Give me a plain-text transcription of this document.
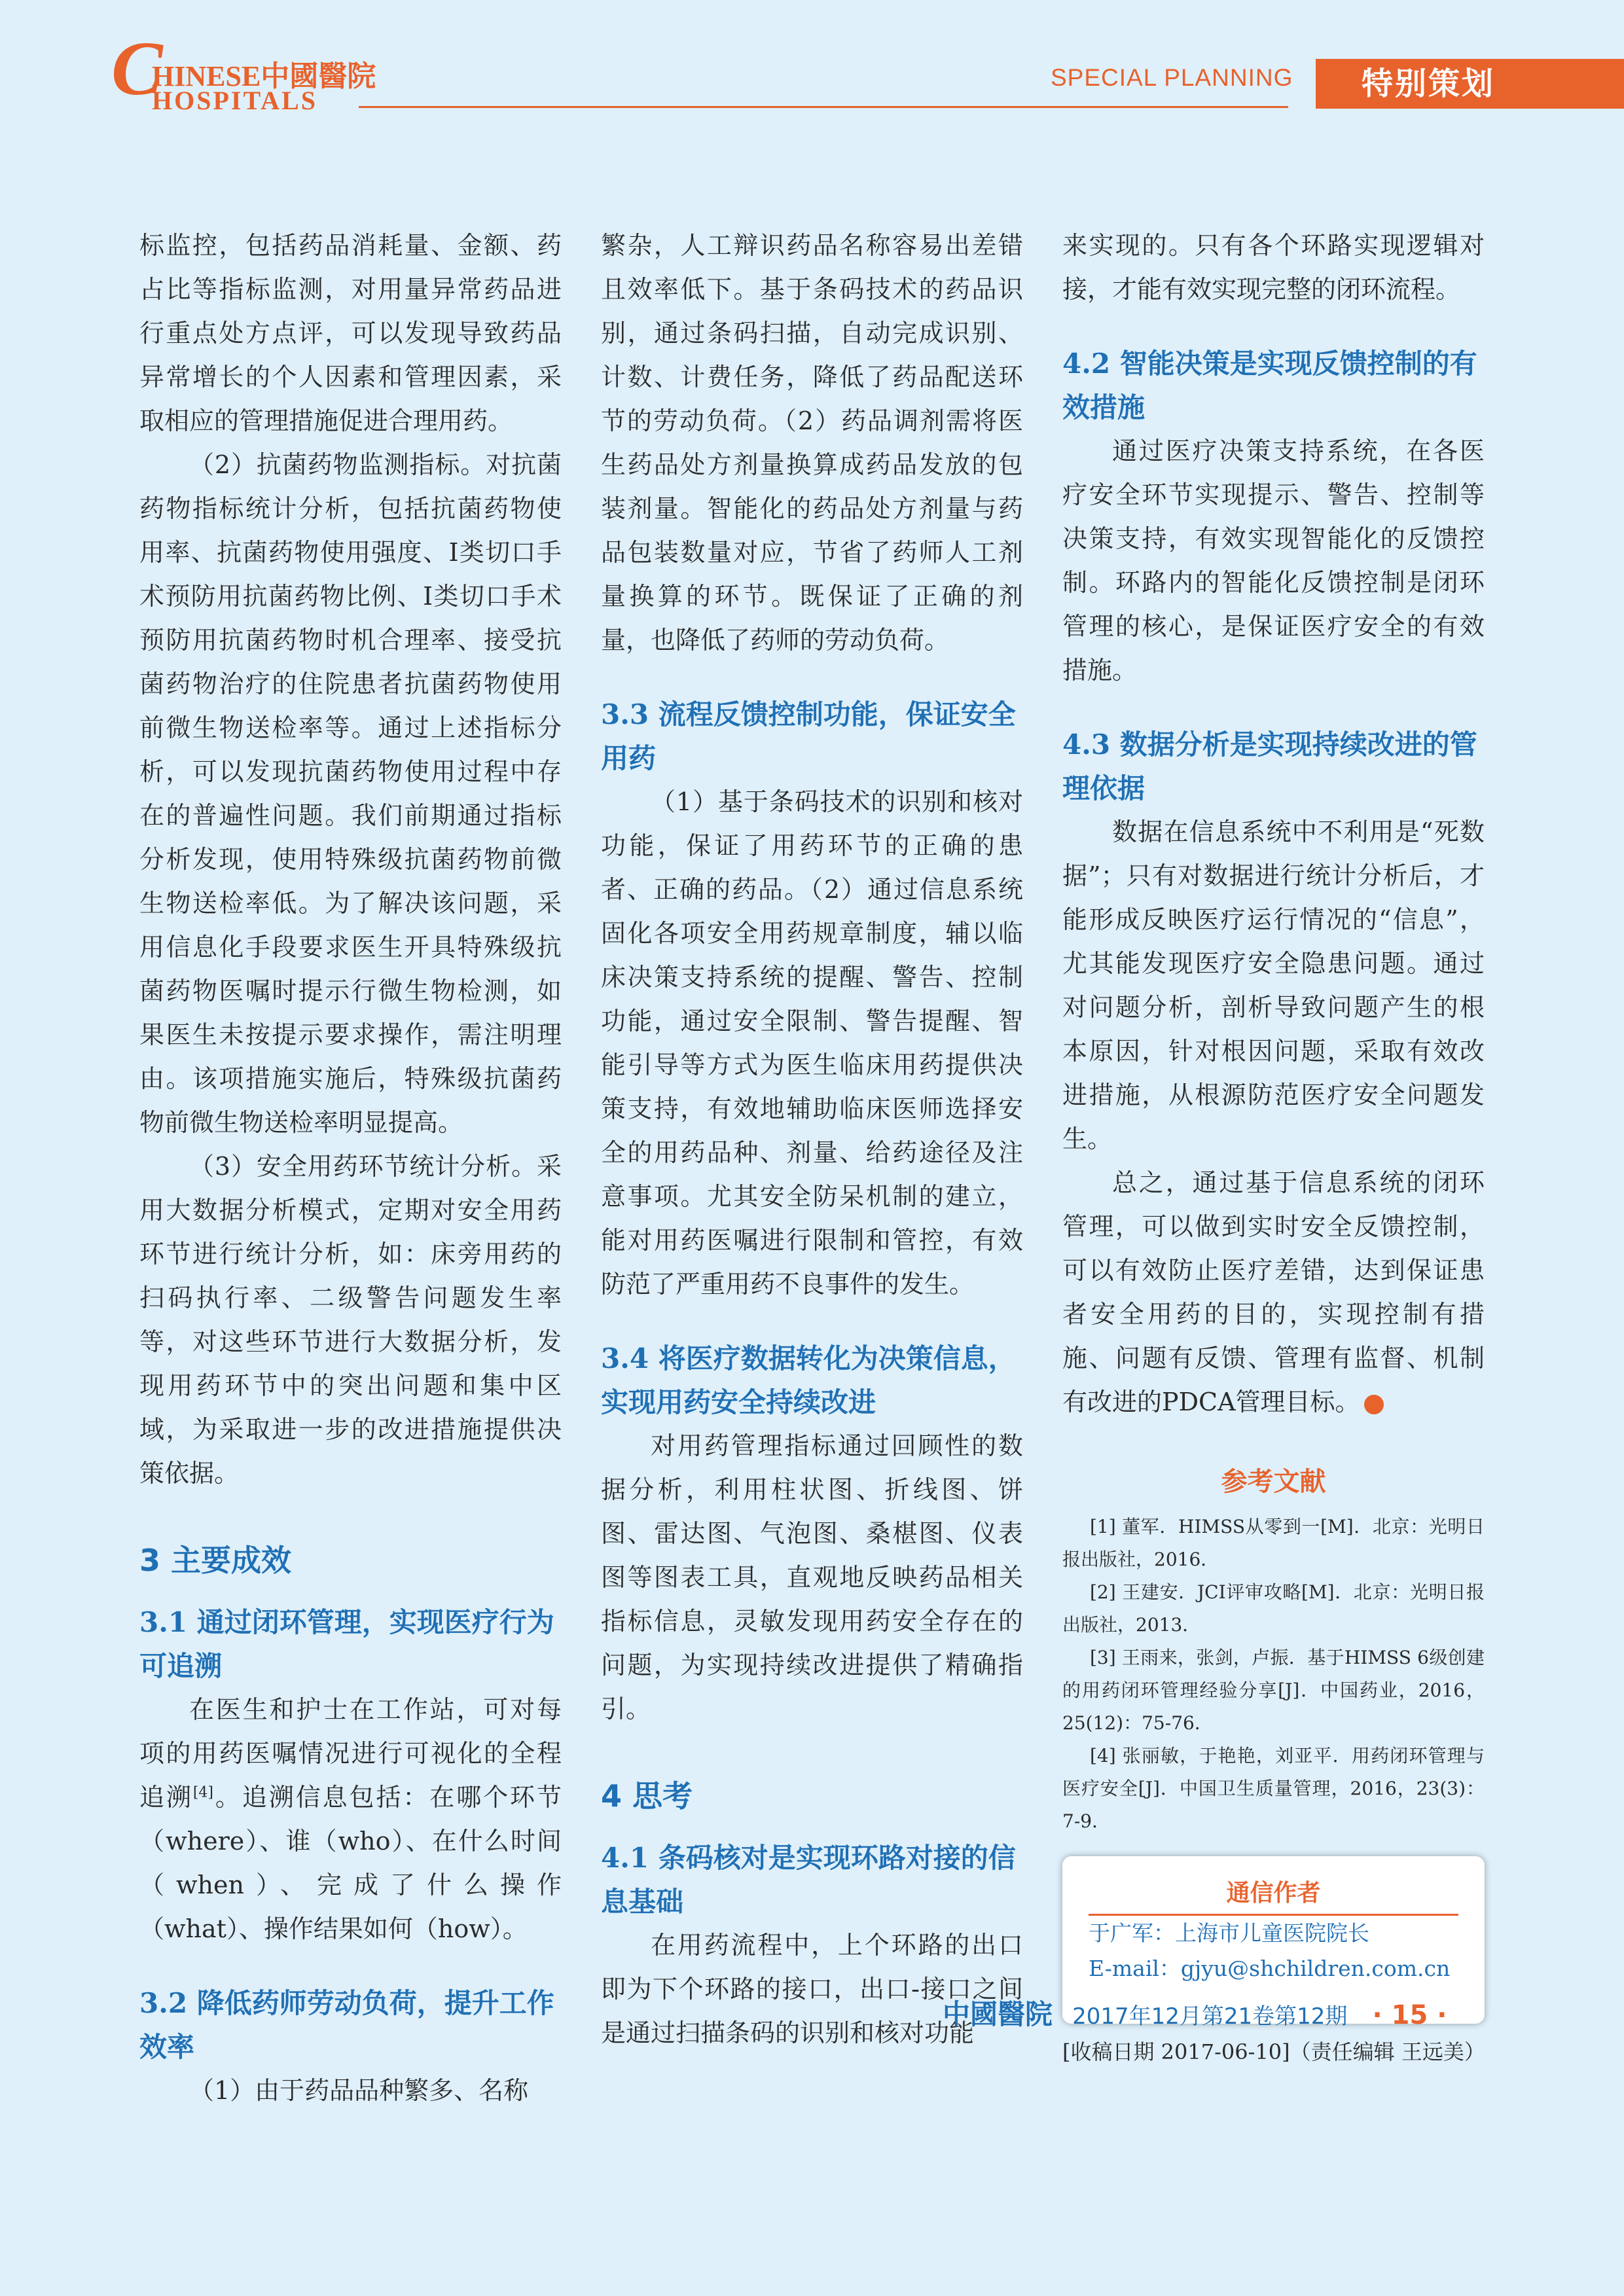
C
HINESE中國醫院
HOSPITALS
SPECIAL PLANNING	特别策划

标监控，包括药品消耗量、金额、药占比等指标监测，对用量异常药品进行重点处方点评，可以发现导致药品异常增长的个人因素和管理因素，采取相应的管理措施促进合理用药。

（2）抗菌药物监测指标。对抗菌药物指标统计分析，包括抗菌药物使用率、抗菌药物使用强度、Ⅰ类切口手术预防用抗菌药物比例、Ⅰ类切口手术预防用抗菌药物时机合理率、接受抗菌药物治疗的住院患者抗菌药物使用前微生物送检率等。通过上述指标分析，可以发现抗菌药物使用过程中存在的普遍性问题。我们前期通过指标分析发现，使用特殊级抗菌药物前微生物送检率低。为了解决该问题，采用信息化手段要求医生开具特殊级抗菌药物医嘱时提示行微生物检测，如果医生未按提示要求操作，需注明理由。该项措施实施后，特殊级抗菌药物前微生物送检率明显提高。

（3）安全用药环节统计分析。采用大数据分析模式，定期对安全用药环节进行统计分析，如：床旁用药的扫码执行率、二级警告问题发生率等，对这些环节进行大数据分析，发现用药环节中的突出问题和集中区域，为采取进一步的改进措施提供决策依据。

3 主要成效
3.1 通过闭环管理，实现医疗行为可追溯

在医生和护士在工作站，可对每项的用药医嘱情况进行可视化的全程追溯[4]。追溯信息包括：在哪个环节（where）、谁（who）、在什么时间（when）、完成了什么操作（what）、操作结果如何（how）。

3.2 降低药师劳动负荷，提升工作效率

（1）由于药品品种繁多、名称

繁杂，人工辩识药品名称容易出差错且效率低下。基于条码技术的药品识别，通过条码扫描，自动完成识别、计数、计费任务，降低了药品配送环节的劳动负荷。（2）药品调剂需将医生药品处方剂量换算成药品发放的包装剂量。智能化的药品处方剂量与药品包装数量对应，节省了药师人工剂量换算的环节。既保证了正确的剂量，也降低了药师的劳动负荷。

3.3 流程反馈控制功能，保证安全用药

（1）基于条码技术的识别和核对功能，保证了用药环节的正确的患者、正确的药品。（2）通过信息系统固化各项安全用药规章制度，辅以临床决策支持系统的提醒、警告、控制功能，通过安全限制、警告提醒、智能引导等方式为医生临床用药提供决策支持，有效地辅助临床医师选择安全的用药品种、剂量、给药途径及注意事项。尤其安全防呆机制的建立，能对用药医嘱进行限制和管控，有效防范了严重用药不良事件的发生。

3.4 将医疗数据转化为决策信息，实现用药安全持续改进

对用药管理指标通过回顾性的数据分析，利用柱状图、折线图、饼图、雷达图、气泡图、桑椹图、仪表图等图表工具，直观地反映药品相关指标信息，灵敏发现用药安全存在的问题，为实现持续改进提供了精确指引。

4 思考
4.1 条码核对是实现环路对接的信息基础

在用药流程中，上个环路的出口即为下个环路的接口，出口-接口之间是通过扫描条码的识别和核对功能

来实现的。只有各个环路实现逻辑对接，才能有效实现完整的闭环流程。

4.2 智能决策是实现反馈控制的有效措施

通过医疗决策支持系统，在各医疗安全环节实现提示、警告、控制等决策支持，有效实现智能化的反馈控制。环路内的智能化反馈控制是闭环管理的核心，是保证医疗安全的有效措施。

4.3 数据分析是实现持续改进的管理依据

数据在信息系统中不利用是“死数据”；只有对数据进行统计分析后，才能形成反映医疗运行情况的“信息”，尤其能发现医疗安全隐患问题。通过对问题分析，剖析导致问题产生的根本原因，针对根因问题，采取有效改进措施，从根源防范医疗安全问题发生。

总之，通过基于信息系统的闭环管理，可以做到实时安全反馈控制，可以有效防止医疗差错，达到保证患者安全用药的目的，实现控制有措施、问题有反馈、管理有监督、机制有改进的PDCA管理目标。

参考文献
[1] 董军．HIMSS从零到一[M]．北京：光明日报出版社，2016．
[2] 王建安．JCI评审攻略[M]．北京：光明日报出版社，2013．
[3] 王雨来，张剑，卢振．基于HIMSS 6级创建的用药闭环管理经验分享[J]．中国药业，2016，25(12)：75-76．
[4] 张丽敏，于艳艳，刘亚平．用药闭环管理与医疗安全[J]．中国卫生质量管理，2016，23(3)：7-9．
通信作者
于广军：上海市儿童医院院长
E-mail：gjyu@shchildren.com.cn
[收稿日期 2017-06-10]（责任编辑 王远美）
中國醫院 2017年12月第21卷第12期 · 15 ·
